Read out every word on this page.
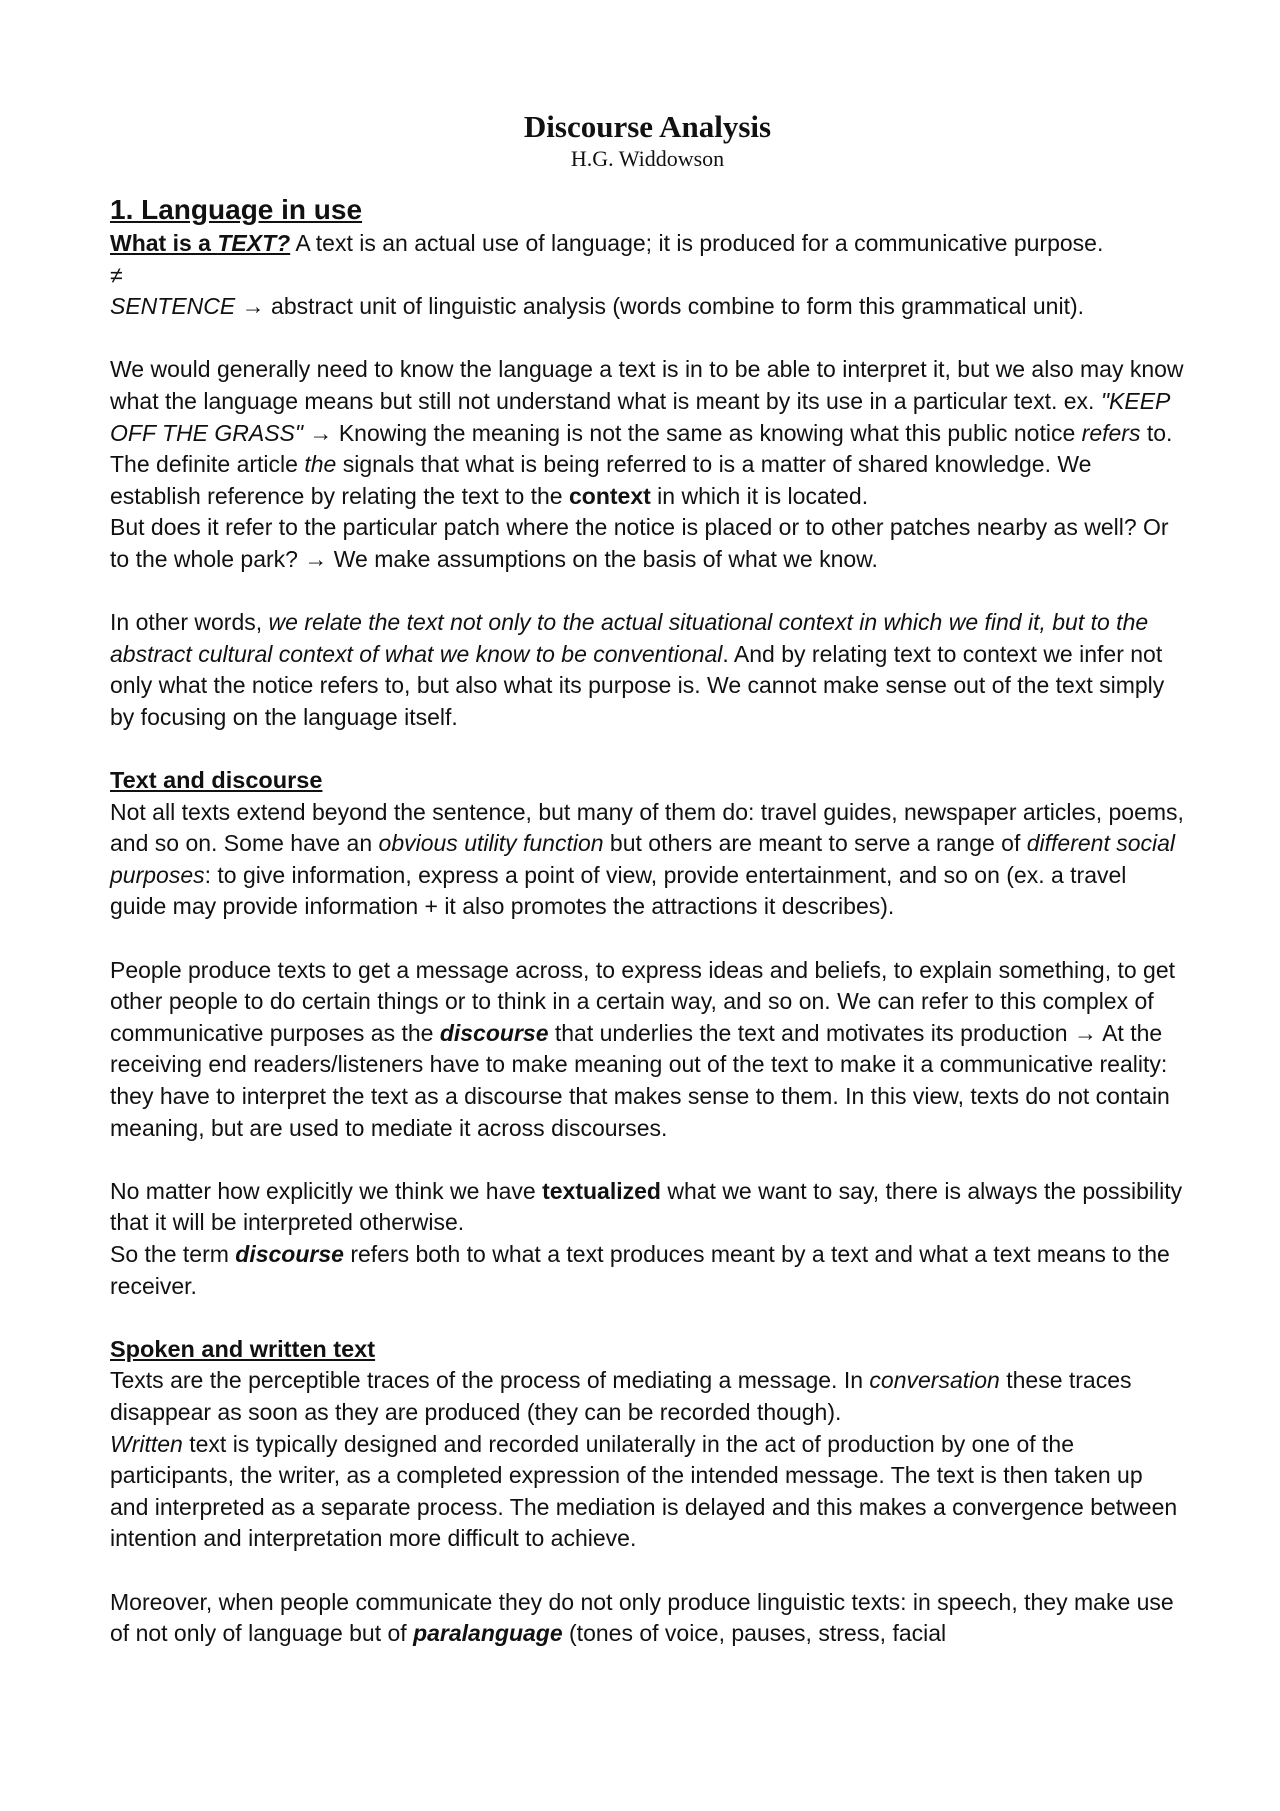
Discourse Analysis
H.G. Widdowson
1. Language in use

What is a TEXT? A text is an actual use of language; it is produced for a communicative purpose.

≠

SENTENCE → abstract unit of linguistic analysis (words combine to form this grammatical unit).

We would generally need to know the language a text is in to be able to interpret it, but we also may know what the language means but still not understand what is meant by its use in a particular text. ex. "KEEP OFF THE GRASS" → Knowing the meaning is not the same as knowing what this public notice refers to. The definite article the signals that what is being referred to is a matter of shared knowledge. We establish reference by relating the text to the context in which it is located.

But does it refer to the particular patch where the notice is placed or to other patches nearby as well? Or to the whole park? → We make assumptions on the basis of what we know.

In other words, we relate the text not only to the actual situational context in which we find it, but to the abstract cultural context of what we know to be conventional. And by relating text to context we infer not only what the notice refers to, but also what its purpose is. We cannot make sense out of the text simply by focusing on the language itself.

Text and discourse

Not all texts extend beyond the sentence, but many of them do: travel guides, newspaper articles, poems, and so on. Some have an obvious utility function but others are meant to serve a range of different social purposes: to give information, express a point of view, provide entertainment, and so on (ex. a travel guide may provide information + it also promotes the attractions it describes).

People produce texts to get a message across, to express ideas and beliefs, to explain something, to get other people to do certain things or to think in a certain way, and so on. We can refer to this complex of communicative purposes as the discourse that underlies the text and motivates its production → At the receiving end readers/listeners have to make meaning out of the text to make it a communicative reality: they have to interpret the text as a discourse that makes sense to them. In this view, texts do not contain meaning, but are used to mediate it across discourses.

No matter how explicitly we think we have textualized what we want to say, there is always the possibility that it will be interpreted otherwise.

So the term discourse refers both to what a text produces meant by a text and what a text means to the receiver.

Spoken and written text

Texts are the perceptible traces of the process of mediating a message. In conversation these traces disappear as soon as they are produced (they can be recorded though).

Written text is typically designed and recorded unilaterally in the act of production by one of the participants, the writer, as a completed expression of the intended message. The text is then taken up and interpreted as a separate process. The mediation is delayed and this makes a convergence between intention and interpretation more difficult to achieve.

Moreover, when people communicate they do not only produce linguistic texts: in speech, they make use of not only of language but of paralanguage (tones of voice, pauses, stress, facial
